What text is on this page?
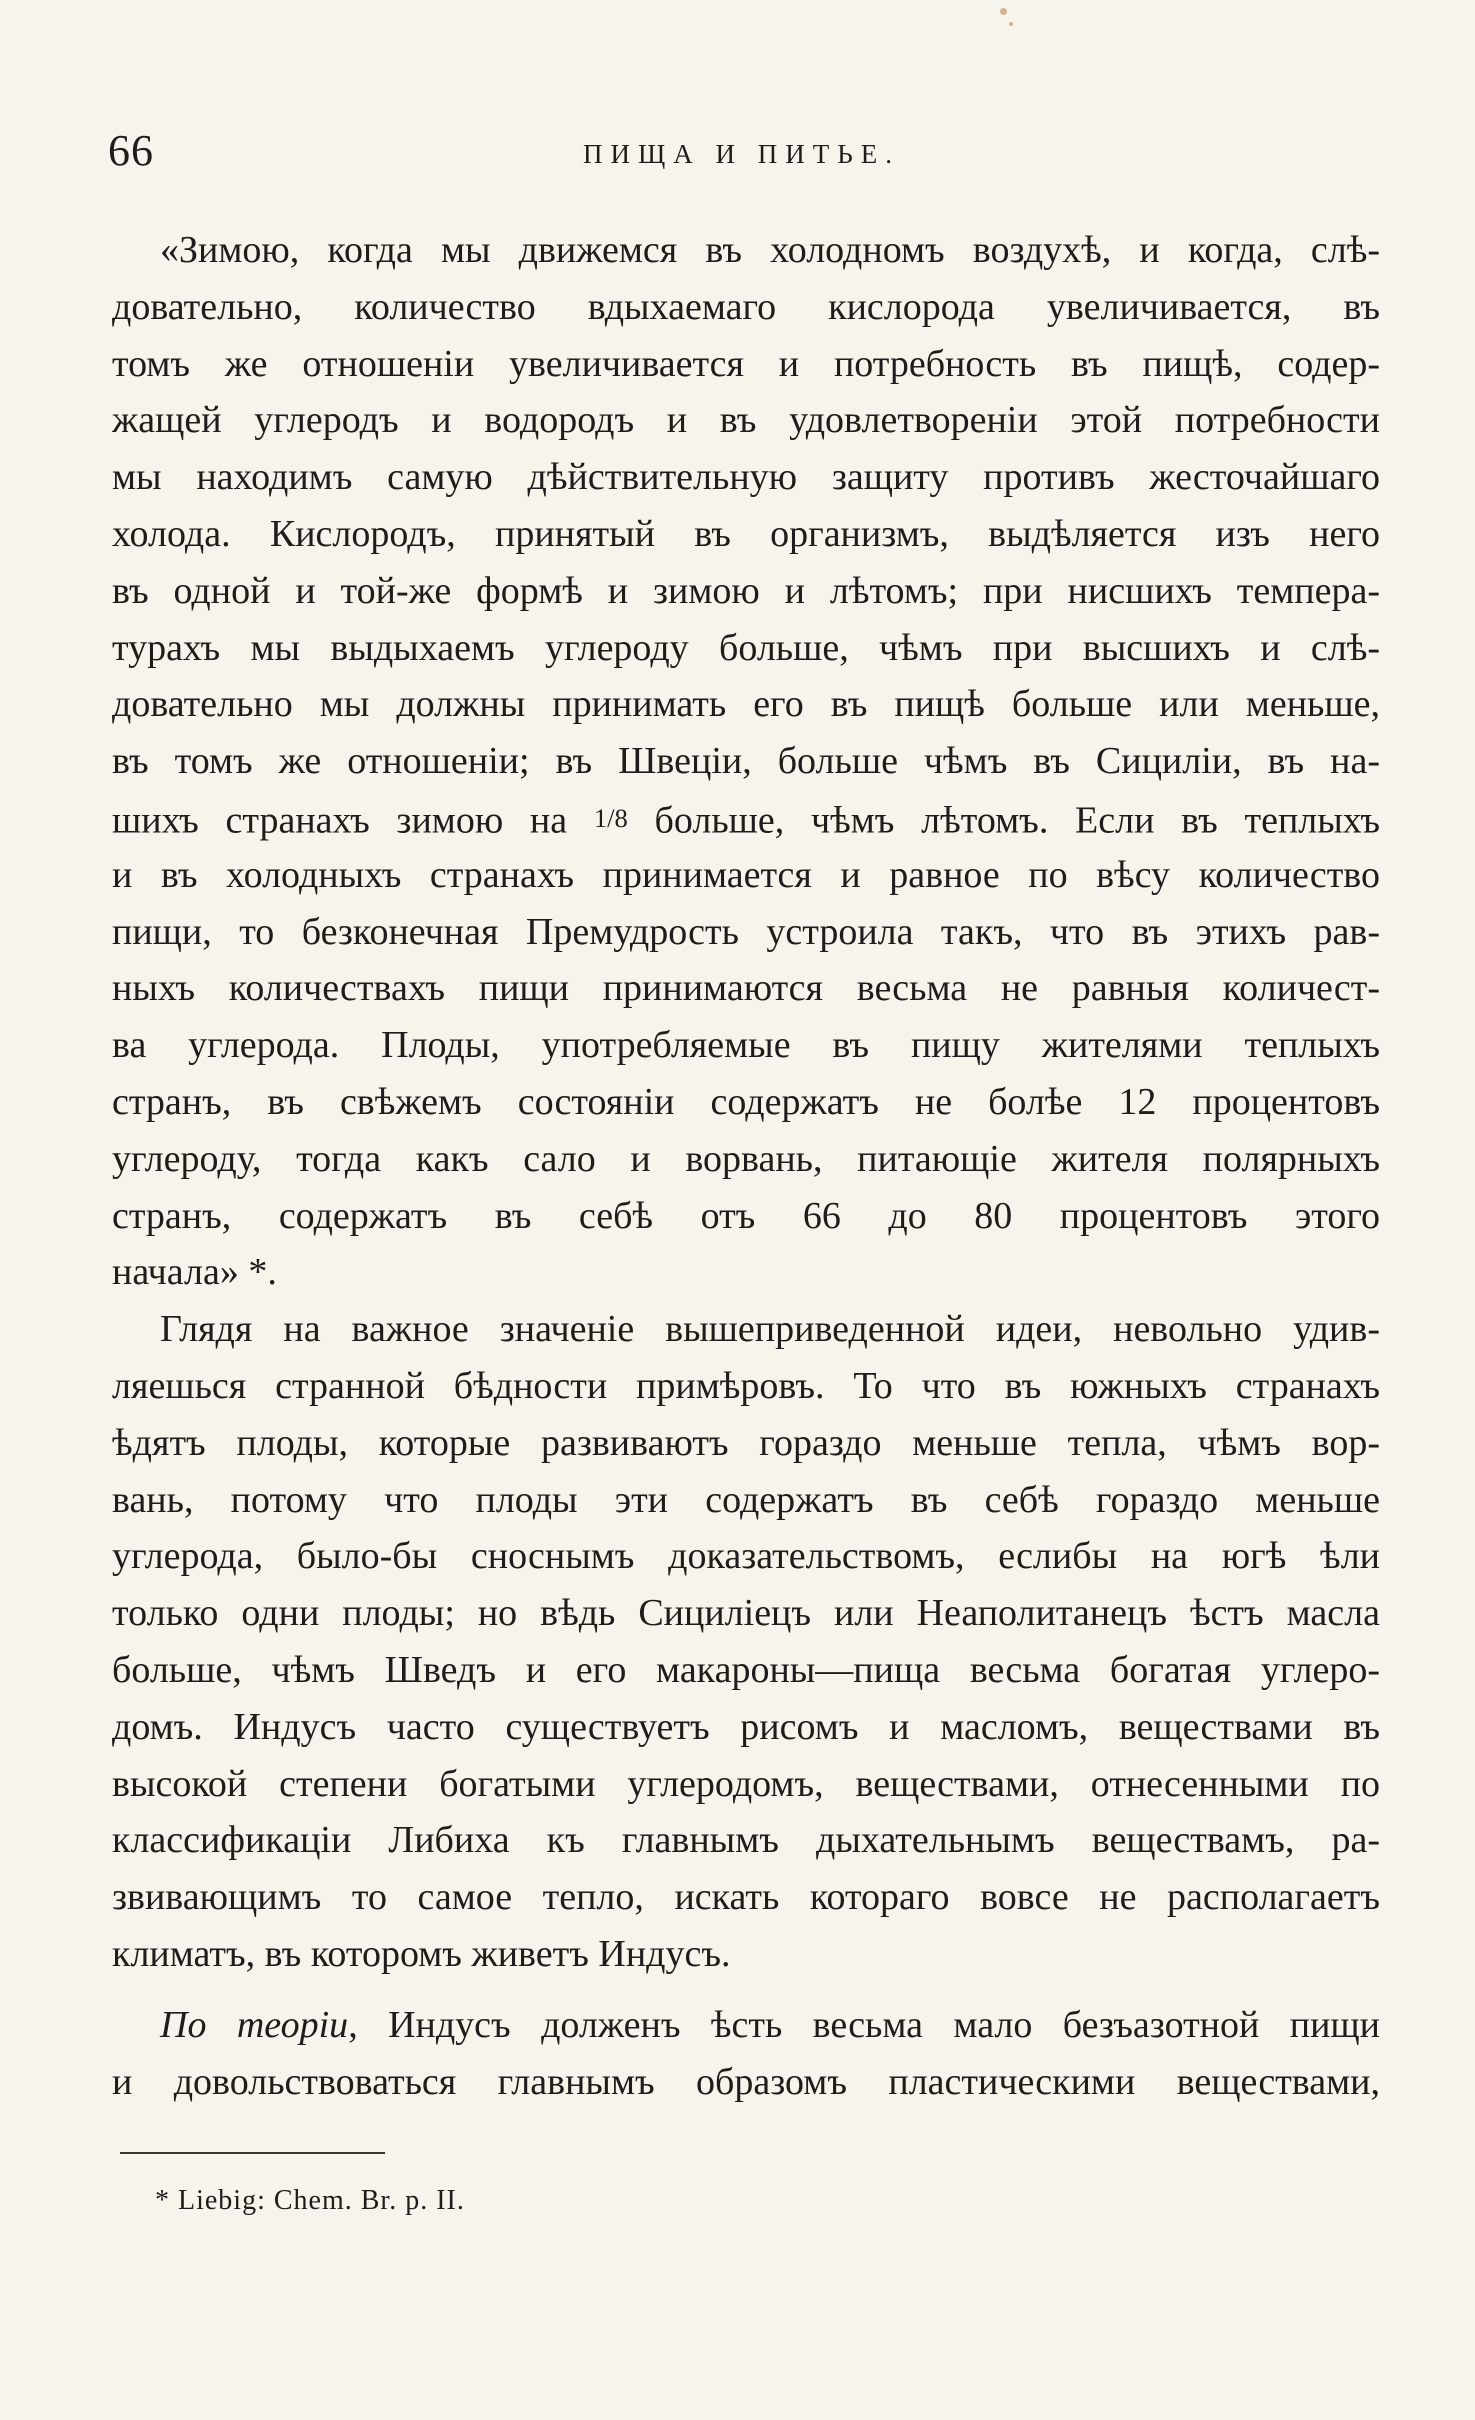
66	ПИЩА И ПИТЬЕ.
«Зимою, когда мы движемся въ холодномъ воздухѣ, и когда, слѣ-
довательно, количество вдыхаемаго кислорода увеличивается, въ
томъ же отношеніи увеличивается и потребность въ пищѣ, содер-
жащей углеродъ и водородъ и въ удовлетвореніи этой потребности
мы находимъ самую дѣйствительную защиту противъ жесточайшаго
холода. Кислородъ, принятый въ организмъ, выдѣляется изъ него
въ одной и той-же формѣ и зимою и лѣтомъ; при нисшихъ темпера-
турахъ мы выдыхаемъ углероду больше, чѣмъ при высшихъ и слѣ-
довательно мы должны принимать его въ пищѣ больше или меньше,
въ томъ же отношеніи; въ Швеціи, больше чѣмъ въ Сициліи, въ на-
шихъ странахъ зимою на 1/8 больше, чѣмъ лѣтомъ. Если въ теплыхъ
и въ холодныхъ странахъ принимается и равное по вѣсу количество
пищи, то безконечная Премудрость устроила такъ, что въ этихъ рав-
ныхъ количествахъ пищи принимаются весьма не равныя количест-
ва углерода. Плоды, употребляемые въ пищу жителями теплыхъ
странъ, въ свѣжемъ состояніи содержатъ не болѣе 12 процентовъ
углероду, тогда какъ сало и ворвань, питающіе жителя полярныхъ
странъ, содержатъ въ себѣ отъ 66 до 80 процентовъ этого
начала» *.
Глядя на важное значеніе вышеприведенной идеи, невольно удив-
ляешься странной бѣдности примѣровъ. То что въ южныхъ странахъ
ѣдятъ плоды, которые развиваютъ гораздо меньше тепла, чѣмъ вор-
вань, потому что плоды эти содержатъ въ себѣ гораздо меньше
углерода, было-бы сноснымъ доказательствомъ, еслибы на югѣ ѣли
только одни плоды; но вѣдь Сициліецъ или Неаполитанецъ ѣстъ масла
больше, чѣмъ Шведъ и его макароны—пища весьма богатая углеро-
домъ. Индусъ часто существуетъ рисомъ и масломъ, веществами въ
высокой степени богатыми углеродомъ, веществами, отнесенными по
классификаціи Либиха къ главнымъ дыхательнымъ веществамъ, ра-
звивающимъ то самое тепло, искать котораго вовсе не располагаетъ
климатъ, въ которомъ живетъ Индусъ.
По теоріи, Индусъ долженъ ѣсть весьма мало безъазотной пищи
и довольствоваться главнымъ образомъ пластическими веществами,
* Liebig: Chem. Br. p. II.
